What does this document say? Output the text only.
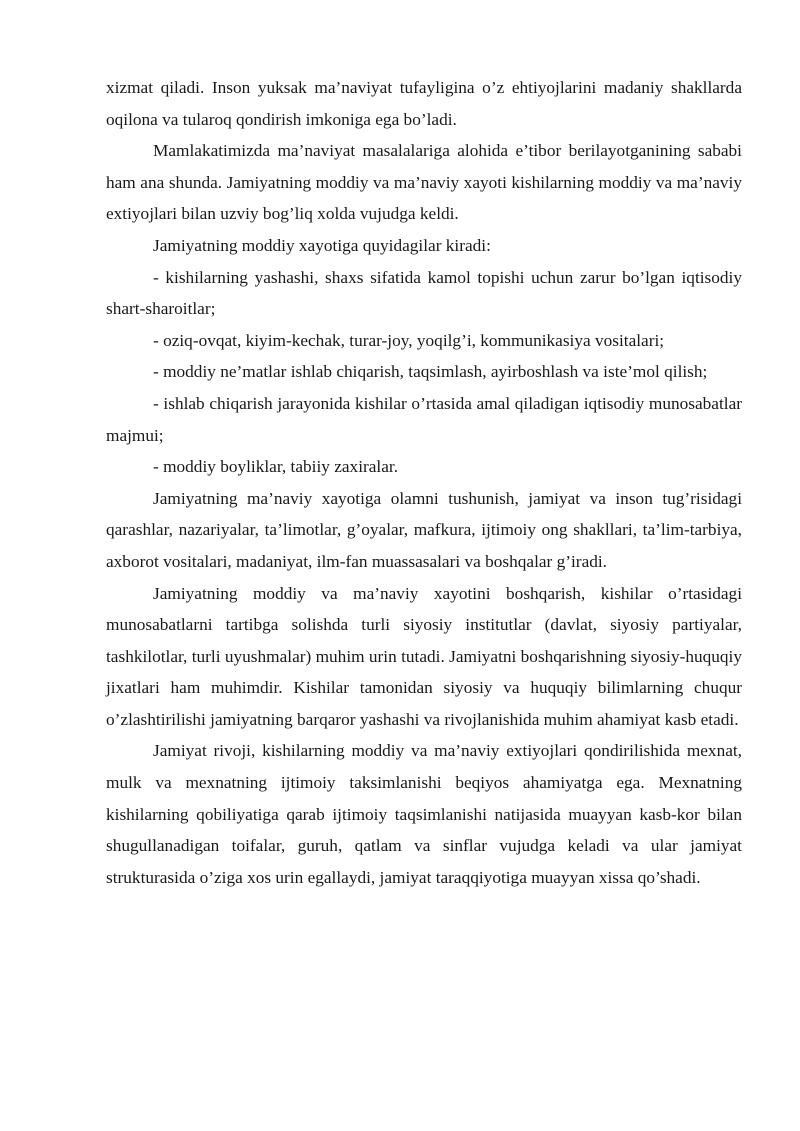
xizmat qiladi. Inson yuksak ma’naviyat tufayligina o’z ehtiyojlarini madaniy shakllarda oqilona va tularoq qondirish imkoniga ega bo’ladi.

Mamlakatimizda ma’naviyat masalalariga alohida e’tibor berilayotganining sababi ham ana shunda. Jamiyatning moddiy va ma’naviy xayoti kishilarning moddiy va ma’naviy extiyojlari bilan uzviy bog’liq xolda vujudga keldi.

Jamiyatning moddiy xayotiga quyidagilar kiradi:

- kishilarning yashashi, shaxs sifatida kamol topishi uchun zarur bo’lgan iqtisodiy shart-sharoitlar;

- oziq-ovqat, kiyim-kechak, turar-joy, yoqilg’i, kommunikasiya vositalari;

- moddiy ne’matlar ishlab chiqarish, taqsimlash, ayirboshlash va iste’mol qilish;

- ishlab chiqarish jarayonida kishilar o’rtasida amal qiladigan iqtisodiy munosabatlar majmui;

- moddiy boyliklar, tabiiy zaxiralar.

Jamiyatning ma’naviy xayotiga olamni tushunish, jamiyat va inson tug’risidagi qarashlar, nazariyalar, ta’limotlar, g’oyalar, mafkura, ijtimoiy ong shakllari, ta’lim-tarbiya, axborot vositalari, madaniyat, ilm-fan muassasalari va boshqalar g’iradi.

Jamiyatning moddiy va ma’naviy xayotini boshqarish, kishilar o’rtasidagi munosabatlarni tartibga solishda turli siyosiy institutlar (davlat, siyosiy partiyalar, tashkilotlar, turli uyushmalar) muhim urin tutadi. Jamiyatni boshqarishning siyosiy-huquqiy jixatlari ham muhimdir. Kishilar tamonidan siyosiy va huquqiy bilimlarning chuqur o’zlashtirilishi jamiyatning barqaror yashashi va rivojlanishida muhim ahamiyat kasb etadi.

Jamiyat rivoji, kishilarning moddiy va ma’naviy extiyojlari qondirilishida mexnat, mulk va mexnatning ijtimoiy taksimlanishi beqiyos ahamiyatga ega. Mexnatning kishilarning qobiliyatiga qarab ijtimoiy taqsimlanishi natijasida muayyan kasb-kor bilan shugullanadigan toifalar, guruh, qatlam va sinflar vujudga keladi va ular jamiyat strukturasida o’ziga xos urin egallaydi, jamiyat taraqqiyotiga muayyan xissa qo’shadi.
